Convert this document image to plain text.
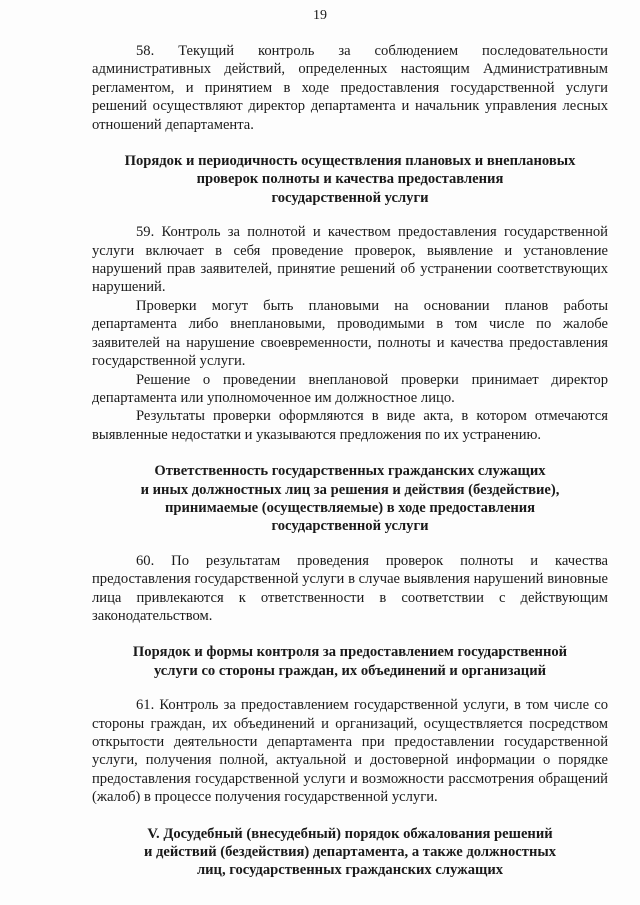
19

58. Текущий контроль за соблюдением последовательности административных действий, определенных настоящим Административным регламентом, и принятием в ходе предоставления государственной услуги решений осуществляют директор департамента и начальник управления лесных отношений департамента.

Порядок и периодичность осуществления плановых и внеплановых
проверок полноты и качества предоставления
государственной услуги

59. Контроль за полнотой и качеством предоставления государственной услуги включает в себя проведение проверок, выявление и установление нарушений прав заявителей, принятие решений об устранении соответствующих нарушений.

Проверки могут быть плановыми на основании планов работы департамента либо внеплановыми, проводимыми в том числе по жалобе заявителей на нарушение своевременности, полноты и качества предоставления государственной услуги.

Решение о проведении внеплановой проверки принимает директор департамента или уполномоченное им должностное лицо.

Результаты проверки оформляются в виде акта, в котором отмечаются выявленные недостатки и указываются предложения по их устранению.

Ответственность государственных гражданских служащих
и иных должностных лиц за решения и действия (бездействие),
принимаемые (осуществляемые) в ходе предоставления
государственной услуги

60. По результатам проведения проверок полноты и качества предоставления государственной услуги в случае выявления нарушений виновные лица привлекаются к ответственности в соответствии с действующим законодательством.

Порядок и формы контроля за предоставлением государственной
услуги со стороны граждан, их объединений и организаций

61. Контроль за предоставлением государственной услуги, в том числе со стороны граждан, их объединений и организаций, осуществляется посредством открытости деятельности департамента при предоставлении государственной услуги, получения полной, актуальной и достоверной информации о порядке предоставления государственной услуги и возможности рассмотрения обращений (жалоб) в процессе получения государственной услуги.

V. Досудебный (внесудебный) порядок обжалования решений
и действий (бездействия) департамента, а также должностных
лиц, государственных гражданских служащих
